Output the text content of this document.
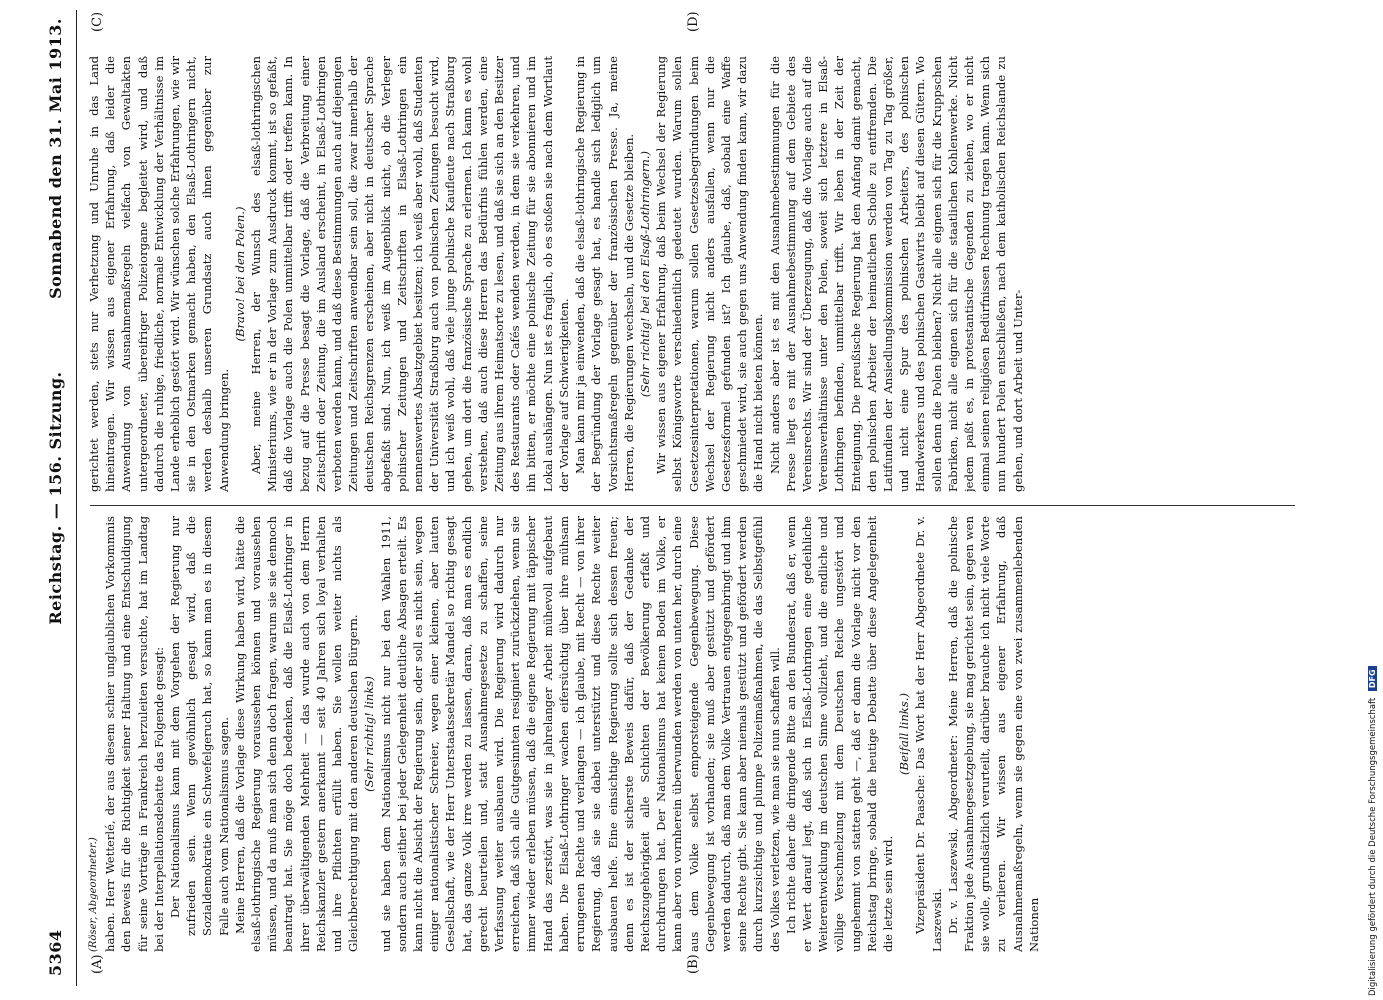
5364
Reichstag. — 156. Sitzung.
Sonnabend den 31. Mai 1913.
(A)	(B)
(C)	(D)

(Röser, Abgeordneter.) haben. Herr Wetterlé, der aus diesem schier unglaublichen Vorkommnis den Beweis für die Richtigkeit seiner Haltung und eine Entschuldigung für seine Vorträge in Frankreich herzuleiten versuchte, hat im Landtag bei der Interpellationsdebatte das Folgende gesagt: Der Nationalismus kann mit dem Vorgehen der Regierung nur zufrieden sein. Wenn gewöhnlich gesagt wird, daß die Sozialdemokratie ein Schwefelgeruch hat, so kann man es in diesem Falle auch vom Nationalismus sagen. Meine Herren, daß die Vorlage diese Wirkung haben wird, hätte die elsaß-lothringische Regierung voraussehen können und voraussehen müssen, und da muß man sich denn doch fragen, warum sie sie dennoch beantragt hat. Sie möge doch bedenken, daß die Elsaß-Lothringer in ihrer überwältigenden Mehrheit — das wurde auch von dem Herrn Reichskanzler gestern anerkannt — seit 40 Jahren sich loyal verhalten und ihre Pflichten erfüllt haben. Sie wollen weiter nichts als Gleichberechtigung mit den anderen deutschen Bürgern. (Sehr richtig! links) und sie haben dem Nationalismus nicht nur bei den Wahlen 1911, sondern auch seither bei jeder Gelegenheit deutliche Absagen erteilt. Es kann nicht die Absicht der Regierung sein, oder soll es nicht sein, wegen einiger nationalistischer Schreier, wegen einer kleinen, aber lauten Gesellschaft, wie der Herr Unterstaatssekretär Mandel so richtig gesagt hat, das ganze Volk irre werden zu lassen, daran, daß man es endlich gerecht beurteilen und, statt Ausnahmegesetze zu schaffen, seine Verfassung weiter ausbauen wird. Die Regierung wird dadurch nur erreichen, daß sich alle Gutgesinnten resigniert zurückziehen, wenn sie immer wieder erleben müssen, daß die eigene Regierung mit täppischer Hand das zerstört, was sie in jahrelanger Arbeit mühevoll aufgebaut haben. Die Elsaß-Lothringer wachen eifersüchtig über ihre mühsam errungenen Rechte und verlangen — ich glaube, mit Recht — von ihrer Regierung, daß sie sie dabei unterstützt und diese Rechte weiter ausbauen helfe. Eine einsichtige Regierung sollte sich dessen freuen; denn es ist der sicherste Beweis dafür, daß der Gedanke der Reichszugehörigkeit alle Schichten der Bevölkerung erfaßt und durchdrungen hat. Der Nationalismus hat keinen Boden im Volke, er kann aber von vornherein überwunden werden von unten her, durch eine aus dem Volke selbst emporsteigende Gegenbewegung. Diese Gegenbewegung ist vorhanden; sie muß aber gestützt und gefördert werden dadurch, daß man dem Volke Vertrauen entgegenbringt und ihm seine Rechte gibt. Sie kann aber niemals gestützt und gefördert werden durch kurzsichtige und plumpe Polizeimaßnahmen, die das Selbstgefühl des Volkes verletzen, wie man sie nun schaffen will. Ich richte daher die dringende Bitte an den Bundesrat, daß er, wenn er Wert darauf legt, daß sich in Elsaß-Lothringen eine gedeihliche Weiterentwicklung im deutschen Sinne vollzieht, und die endliche und völlige Verschmelzung mit dem Deutschen Reiche ungestört und ungehemmt von statten geht —, daß er dann die Vorlage nicht vor den Reichstag bringe, sobald die heutige Debatte über diese Angelegenheit die letzte sein wird.

(Beifall links.) Vizepräsident Dr. Paasche: Das Wort hat der Herr Abgeordnete Dr. v. Laszewski. Dr. v. Laszewski, Abgeordneter: Meine Herren, daß die polnische Fraktion jede Ausnahmegesetzgebung, sie mag gerichtet sein, gegen wen sie wolle, grundsätzlich verurteilt, darüber brauche ich nicht viele Worte zu verlieren. Wir wissen aus eigener Erfahrung, daß Ausnahmemaßregeln, wenn sie gegen eine von zwei zusammenlebenden Nationen

gerichtet werden, stets nur Verhetzung und Unruhe in das Land hineintragen. Wir wissen aus eigener Erfahrung, daß leider die Anwendung von Ausnahmemaßregeln vielfach von Gewaltakten untergeordneter, übereifriger Polizeiorgane begleitet wird, und daß dadurch die ruhige, friedliche, normale Entwicklung der Verhältnisse im Lande erheblich gestört wird. Wir wünschen solche Erfahrungen, wie wir sie in den Ostmarken gemacht haben, den Elsaß-Lothringern nicht, werden deshalb unseren Grundsatz auch ihnen gegenüber zur Anwendung bringen.

(Bravo! bei den Polen.) Aber, meine Herren, der Wunsch des elsaß-lothringischen Ministeriums, wie er in der Vorlage zum Ausdruck kommt, ist so gefaßt, daß die Vorlage auch die Polen unmittelbar trifft oder treffen kann. In bezug auf die Presse besagt die Vorlage, daß die Verbreitung einer Zeitschrift oder Zeitung, die im Ausland erscheint, in Elsaß-Lothringen verboten werden kann, und daß diese Bestimmungen auch auf diejenigen Zeitungen und Zeitschriften anwendbar sein soll, die zwar innerhalb der deutschen Reichsgrenzen erscheinen, aber nicht in deutscher Sprache abgefaßt sind. Nun, ich weiß im Augenblick nicht, ob die Verleger polnischer Zeitungen und Zeitschriften in Elsaß-Lothringen ein nennenswertes Absatzgebiet besitzen; ich weiß aber wohl, daß Studenten der Universität Straßburg auch von polnischen Zeitungen besucht wird, und ich weiß wohl, daß viele junge polnische Kaufleute nach Straßburg gehen, um dort die französische Sprache zu erlernen. Ich kann es wohl verstehen, daß auch diese Herren das Bedürfnis fühlen werden, eine Zeitung aus ihrem Heimatsorte zu lesen, und daß sie sich an den Besitzer des Restaurants oder Cafés wenden werden, in dem sie verkehren, und ihn bitten, er möchte eine polnische Zeitung für sie abonnieren und im Lokal aushängen. Nun ist es fraglich, ob es stoßen sie nach dem Wortlaut der Vorlage auf Schwierigkeiten. Man kann mir ja einwenden, daß die elsaß-lothringische Regierung in der Begründung der Vorlage gesagt hat, es handle sich lediglich um Vorsichtsmaßregeln gegenüber der französischen Presse. Ja, meine Herren, die Regierungen wechseln, und die Gesetze bleiben. (Sehr richtig! bei den Elsaß-Lothringern.) Wir wissen aus eigener Erfahrung, daß beim Wechsel der Regierung selbst Königsworte verschiedentlich gedeutet wurden. Warum sollen Gesetzesinterpretationen, warum sollen Gesetzesbegründungen beim Wechsel der Regierung nicht anders ausfallen, wenn nur die Gesetzesformel gefunden ist? Ich glaube, daß, sobald eine Waffe geschmiedet wird, sie auch gegen uns Anwendung finden kann, wir dazu die Hand nicht bieten können. Nicht anders aber ist es mit den Ausnahmebestimmungen für die Presse liegt es mit der Ausnahmebestimmung auf dem Gebiete des Vereinsrechts. Wir sind der Überzeugung, daß die Vorlage auch auf die Vereinsverhältnisse unter den Polen, soweit sich letztere in Elsaß-Lothringen befinden, unmittelbar trifft. Wir leben in der Zeit der Enteignung. Die preußische Regierung hat den Anfang damit gemacht, den polnischen Arbeiter der heimatlichen Scholle zu entfremden. Die Latifundien der Ansiedlungskommission werden von Tag zu Tag größer, und nicht eine Spur des polnischen Arbeiters, des polnischen Handwerkers und des polnischen Gastwirts bleibt auf diesen Gütern. Wo sollen denn die Polen bleiben? Nicht alle eignen sich für die Kruppschen Fabriken, nicht alle eignen sich für die staatlichen Kohlenwerke. Nicht jedem paßt es, in protestantische Gegenden zu ziehen, wo er nicht einmal seinen religiösen Bedürfnissen Rechnung tragen kann. Wenn sich nun hundert Polen entschließen, nach dem katholischen Reichslande zu gehen, und dort Arbeit und Unter-

Digitalisierung gefördert durch die Deutsche Forschungsgemeinschaft DFG
